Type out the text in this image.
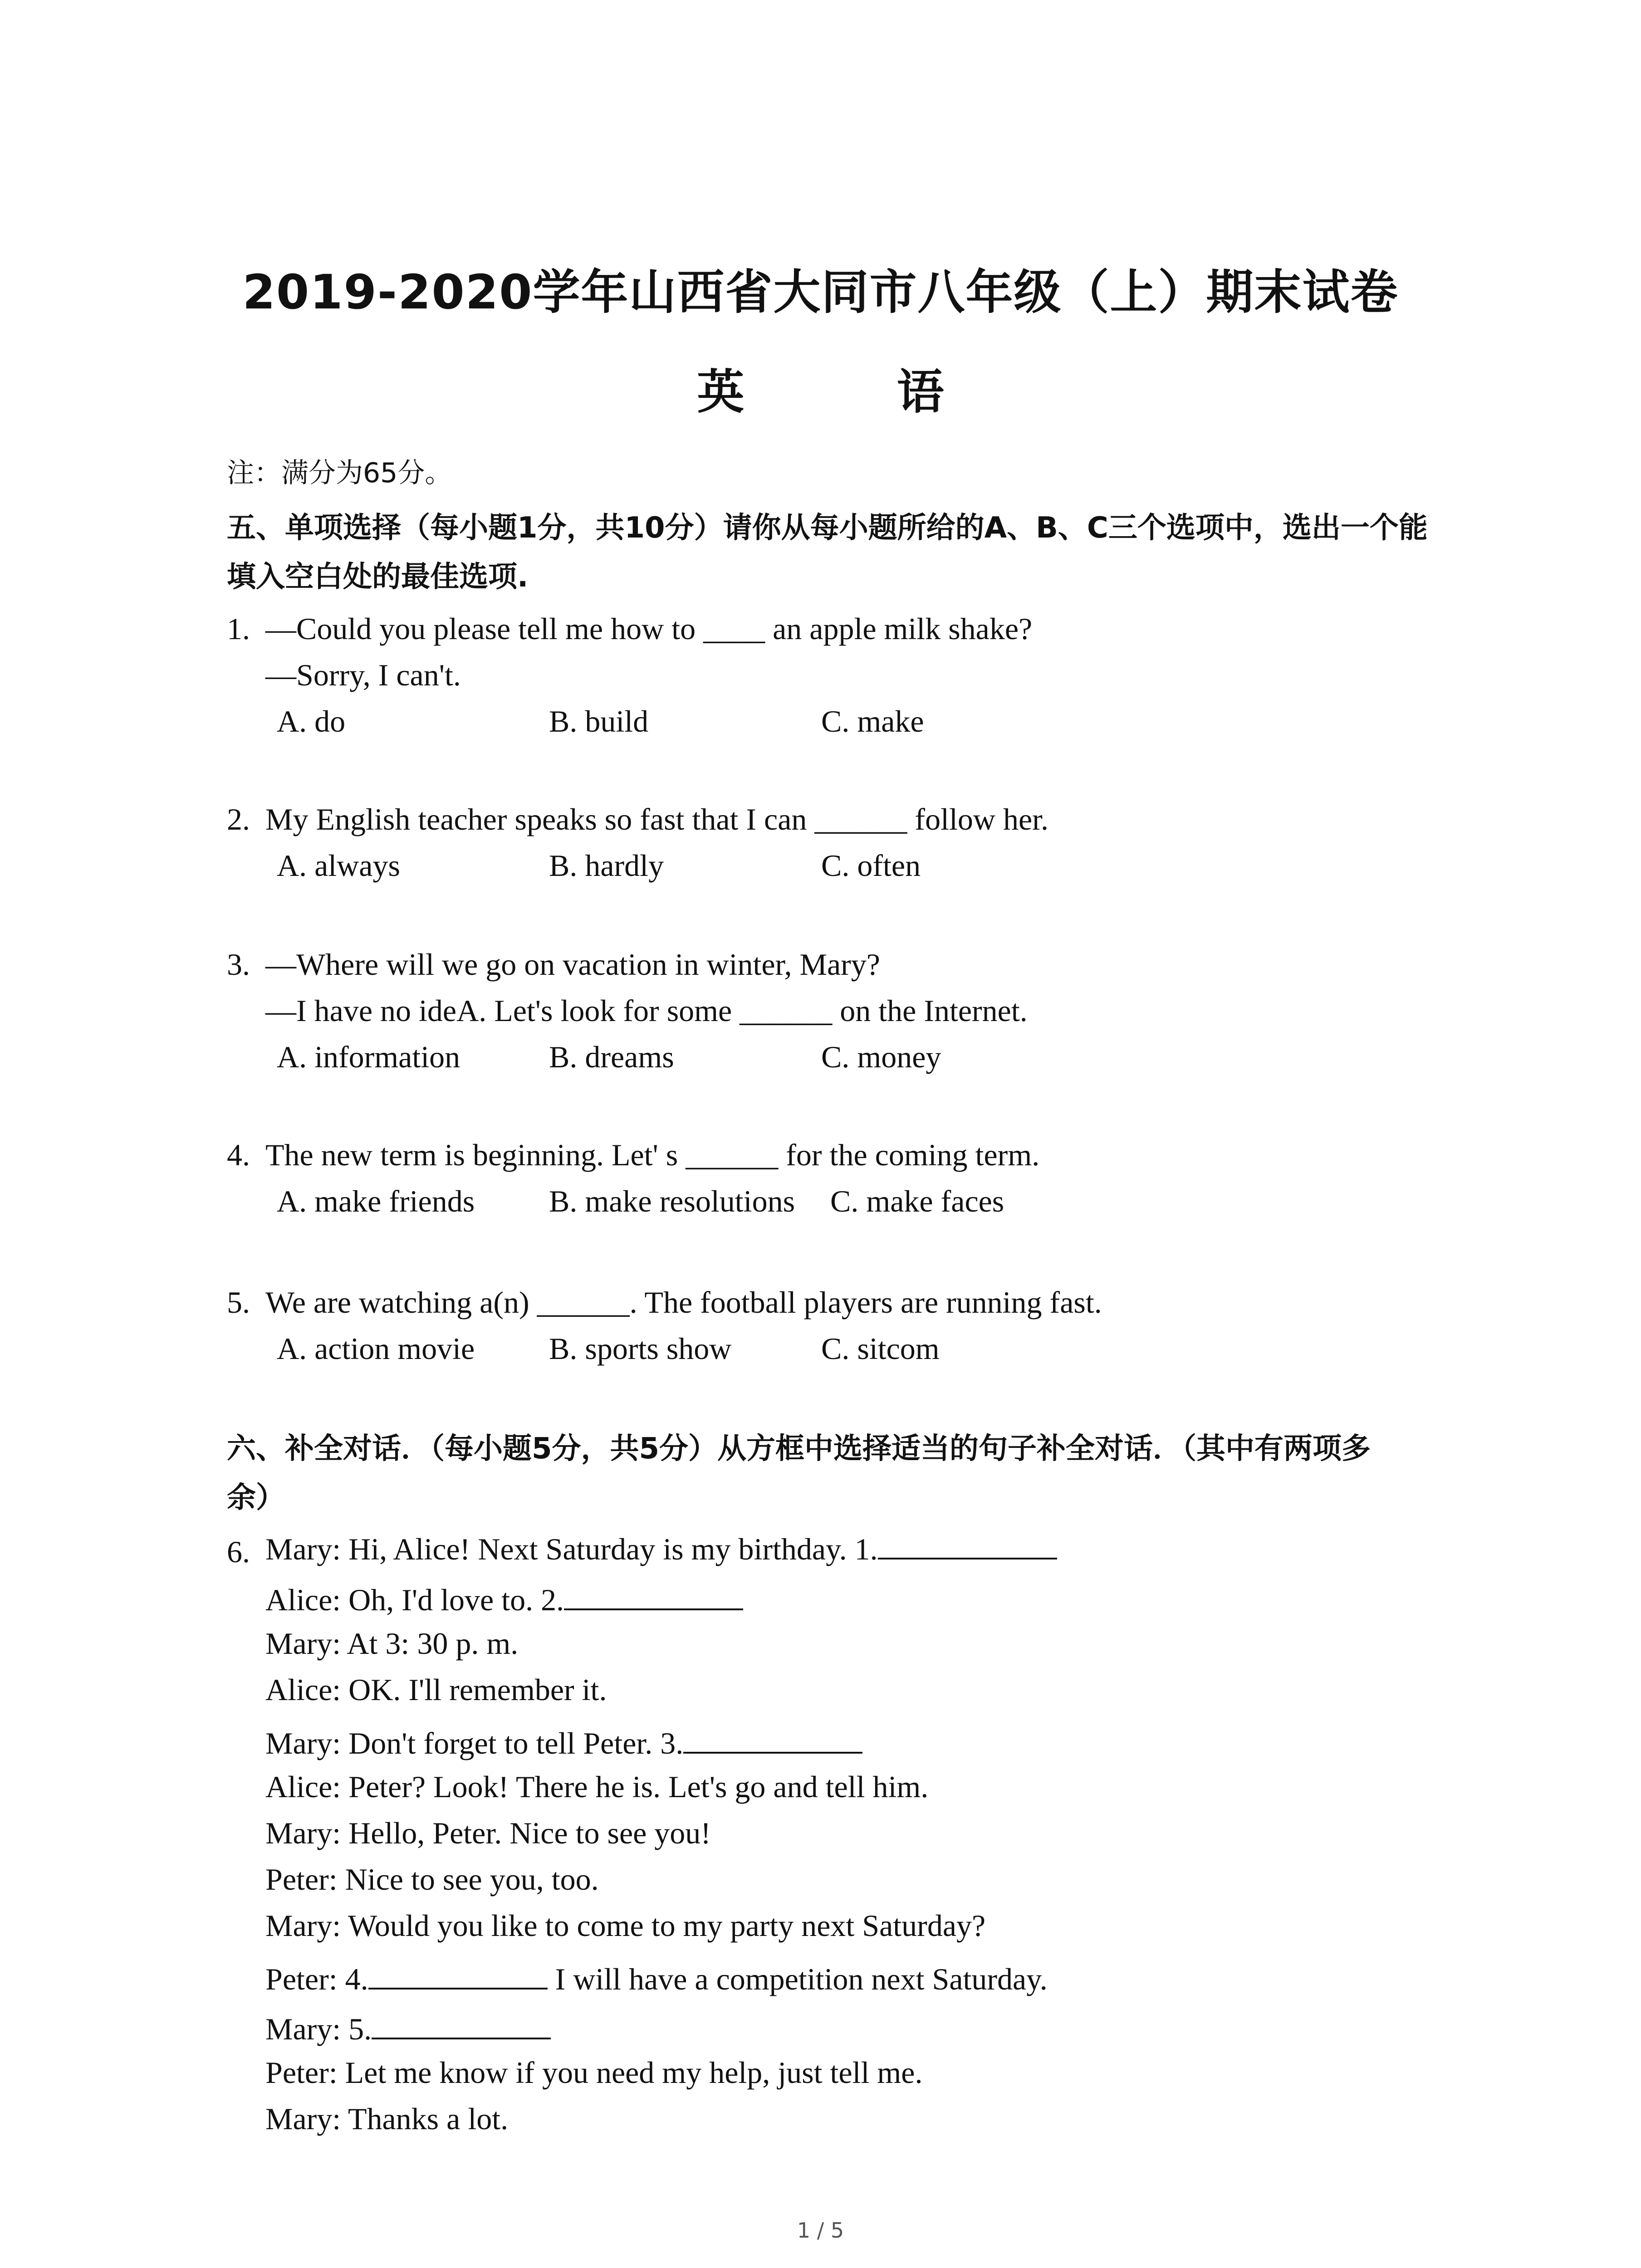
2019-2020学年山西省大同市八年级（上）期末试卷
英 语
注：满分为65分。
五、单项选择（每小题1分，共10分）请你从每小题所给的A、B、C三个选项中，选出一个能
填入空白处的最佳选项.
1. —Could you please tell me how to ____ an apple milk shake?
—Sorry, I can't.
A. do	B. build	C. make
2. My English teacher speaks so fast that I can ______ follow her.
A. always	B. hardly	C. often
3. —Where will we go on vacation in winter, Mary?
—I have no ideA. Let's look for some ______ on the Internet.
A. information	B. dreams	C. money
4. The new term is beginning. Let' s ______ for the coming term.
A. make friends B. make resolutions C. make faces
5. We are watching a(n) ______. The football players are running fast.
A. action movie B. sports show	C. sitcom
六、补全对话．（每小题5分，共5分）从方框中选择适当的句子补全对话．（其中有两项多
余）
6. Mary: Hi, Alice! Next Saturday is my birthday. 1.
Alice: Oh, I'd love to. 2.
Mary: At 3: 30 p. m.
Alice: OK. I'll remember it.
Mary: Don't forget to tell Peter. 3.
Alice: Peter? Look! There he is. Let's go and tell him.
Mary: Hello, Peter. Nice to see you!
Peter: Nice to see you, too.
Mary: Would you like to come to my party next Saturday?
Peter: 4.	I will have a competition next Saturday.
Mary: 5.
Peter: Let me know if you need my help, just tell me.
Mary: Thanks a lot.
1 / 5
